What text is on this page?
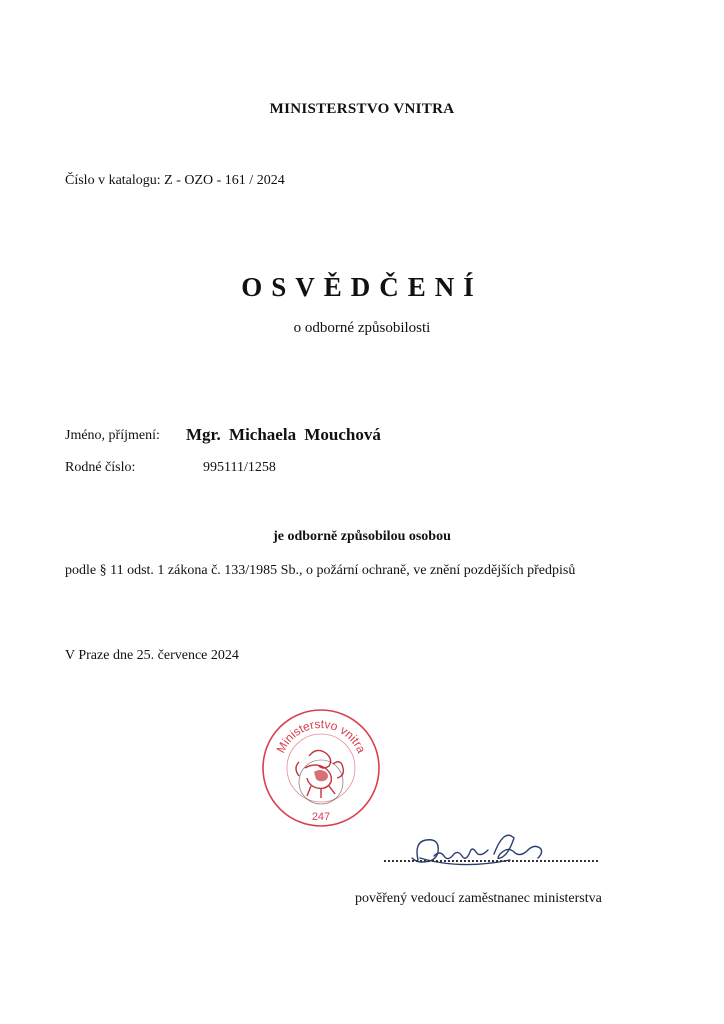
MINISTERSTVO VNITRA
Číslo v katalogu: Z - OZO - 161 / 2024
OSVĚDČENÍ
o odborné způsobilosti
Jméno, příjmení: Mgr. Michaela Mouchová
Rodné číslo:	995111/1258
je odborně způsobilou osobou
podle § 11 odst. 1 zákona č. 133/1985 Sb., o požární ochraně, ve znění pozdějších předpisů
V Praze dne 25. července 2024
Ministerstvo vnitra
247
pověřený vedoucí zaměstnanec ministerstva
